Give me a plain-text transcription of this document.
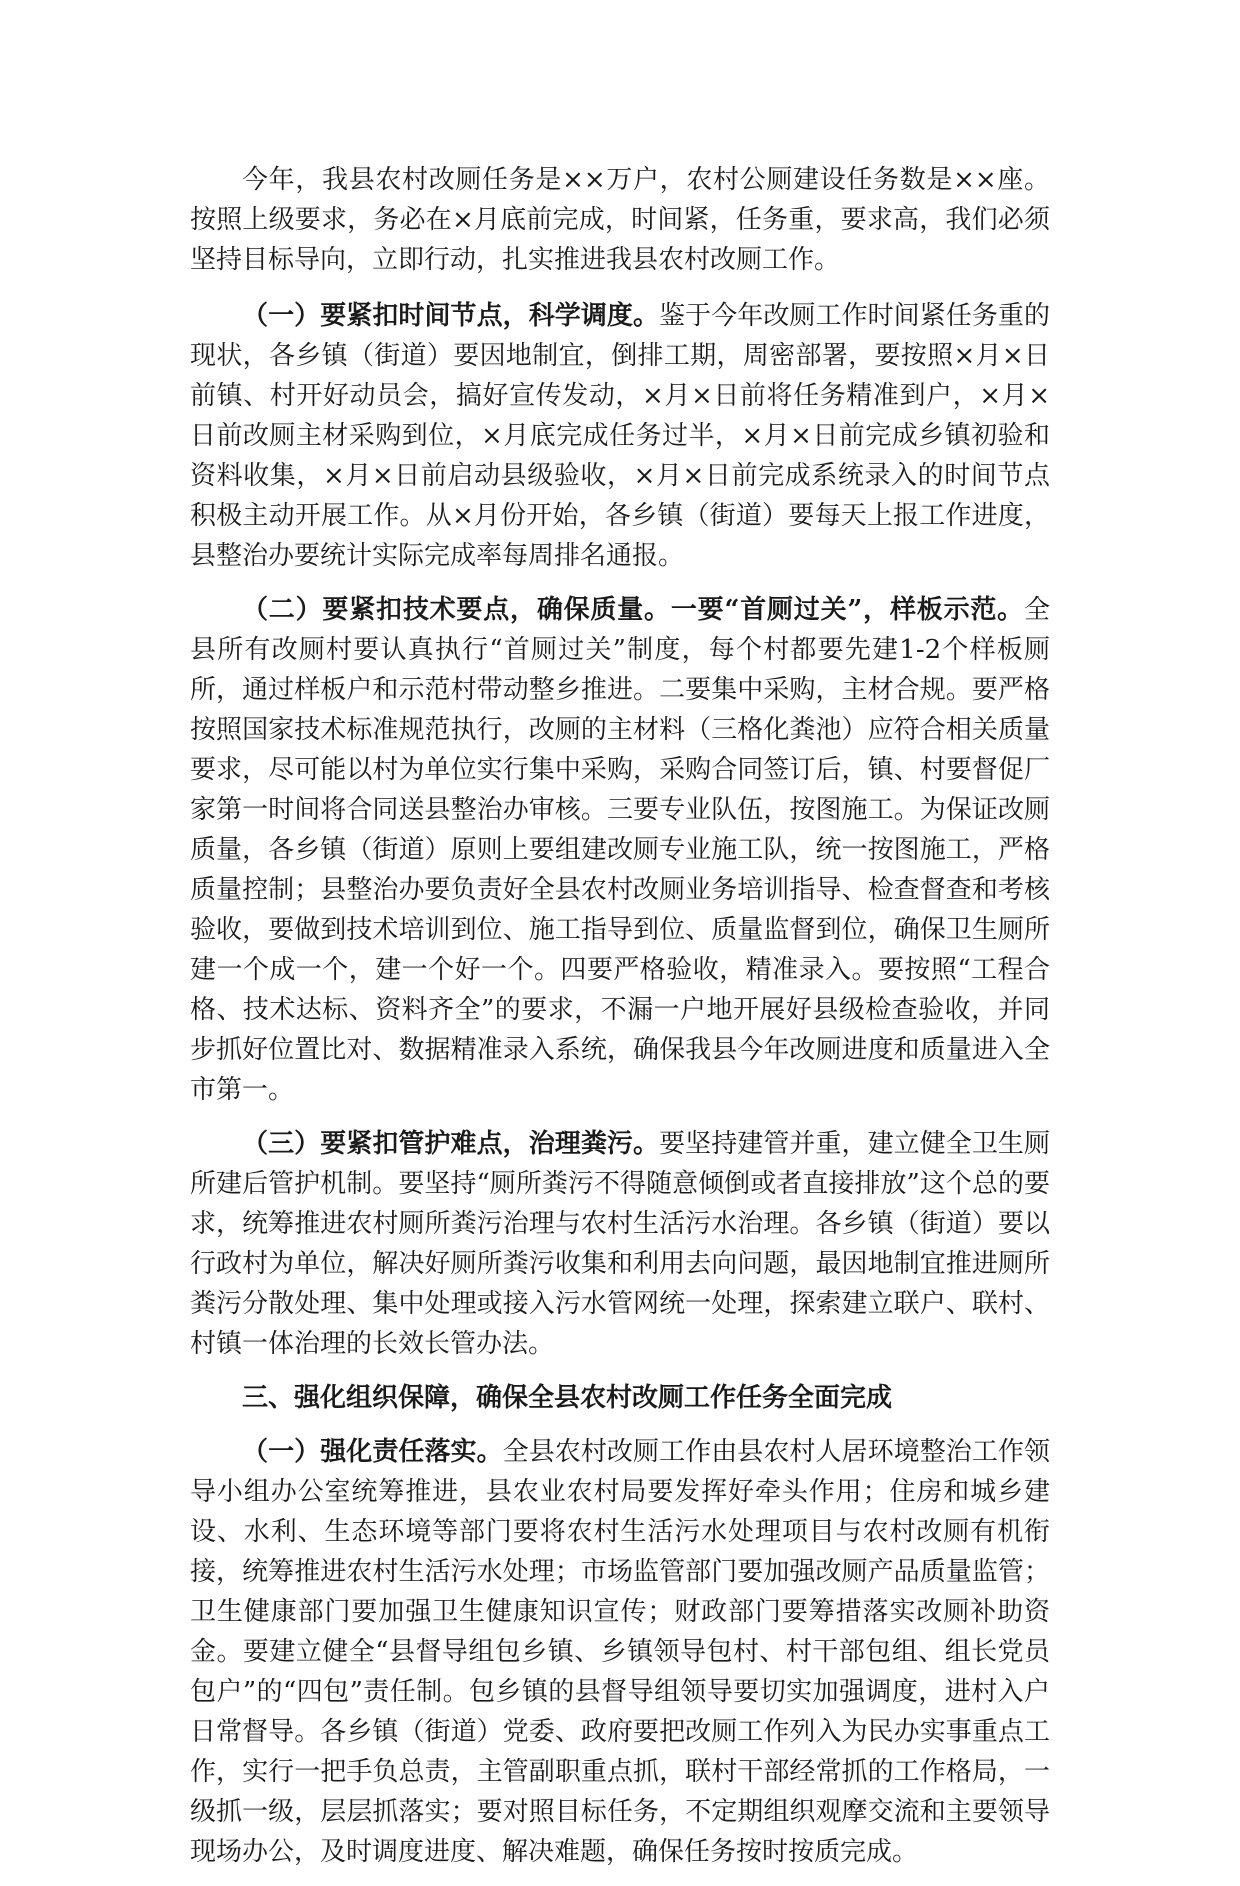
今年，我县农村改厕任务是××万户，农村公厕建设任务数是××座。按照上级要求，务必在×月底前完成，时间紧，任务重，要求高，我们必须坚持目标导向，立即行动，扎实推进我县农村改厕工作。

（一）要紧扣时间节点，科学调度。鉴于今年改厕工作时间紧任务重的现状，各乡镇（街道）要因地制宜，倒排工期，周密部署，要按照×月×日前镇、村开好动员会，搞好宣传发动，×月×日前将任务精准到户，×月×日前改厕主材采购到位，×月底完成任务过半，×月×日前完成乡镇初验和资料收集，×月×日前启动县级验收，×月×日前完成系统录入的时间节点积极主动开展工作。从×月份开始，各乡镇（街道）要每天上报工作进度，县整治办要统计实际完成率每周排名通报。

（二）要紧扣技术要点，确保质量。一要“首厕过关”，样板示范。全县所有改厕村要认真执行“首厕过关”制度，每个村都要先建1-2个样板厕所，通过样板户和示范村带动整乡推进。二要集中采购，主材合规。要严格按照国家技术标准规范执行，改厕的主材料（三格化粪池）应符合相关质量要求，尽可能以村为单位实行集中采购，采购合同签订后，镇、村要督促厂家第一时间将合同送县整治办审核。三要专业队伍，按图施工。为保证改厕质量，各乡镇（街道）原则上要组建改厕专业施工队，统一按图施工，严格质量控制；县整治办要负责好全县农村改厕业务培训指导、检查督查和考核验收，要做到技术培训到位、施工指导到位、质量监督到位，确保卫生厕所建一个成一个，建一个好一个。四要严格验收，精准录入。要按照“工程合格、技术达标、资料齐全”的要求，不漏一户地开展好县级检查验收，并同步抓好位置比对、数据精准录入系统，确保我县今年改厕进度和质量进入全市第一。

（三）要紧扣管护难点，治理粪污。要坚持建管并重，建立健全卫生厕所建后管护机制。要坚持“厕所粪污不得随意倾倒或者直接排放”这个总的要求，统筹推进农村厕所粪污治理与农村生活污水治理。各乡镇（街道）要以行政村为单位，解决好厕所粪污收集和利用去向问题，最因地制宜推进厕所粪污分散处理、集中处理或接入污水管网统一处理，探索建立联户、联村、村镇一体治理的长效长管办法。

三、强化组织保障，确保全县农村改厕工作任务全面完成

（一）强化责任落实。全县农村改厕工作由县农村人居环境整治工作领导小组办公室统筹推进，县农业农村局要发挥好牵头作用；住房和城乡建设、水利、生态环境等部门要将农村生活污水处理项目与农村改厕有机衔接，统筹推进农村生活污水处理；市场监管部门要加强改厕产品质量监管；卫生健康部门要加强卫生健康知识宣传；财政部门要筹措落实改厕补助资金。要建立健全“县督导组包乡镇、乡镇领导包村、村干部包组、组长党员包户”的“四包”责任制。包乡镇的县督导组领导要切实加强调度，进村入户日常督导。各乡镇（街道）党委、政府要把改厕工作列入为民办实事重点工作，实行一把手负总责，主管副职重点抓，联村干部经常抓的工作格局，一级抓一级，层层抓落实；要对照目标任务，不定期组织观摩交流和主要领导现场办公，及时调度进度、解决难题，确保任务按时按质完成。
